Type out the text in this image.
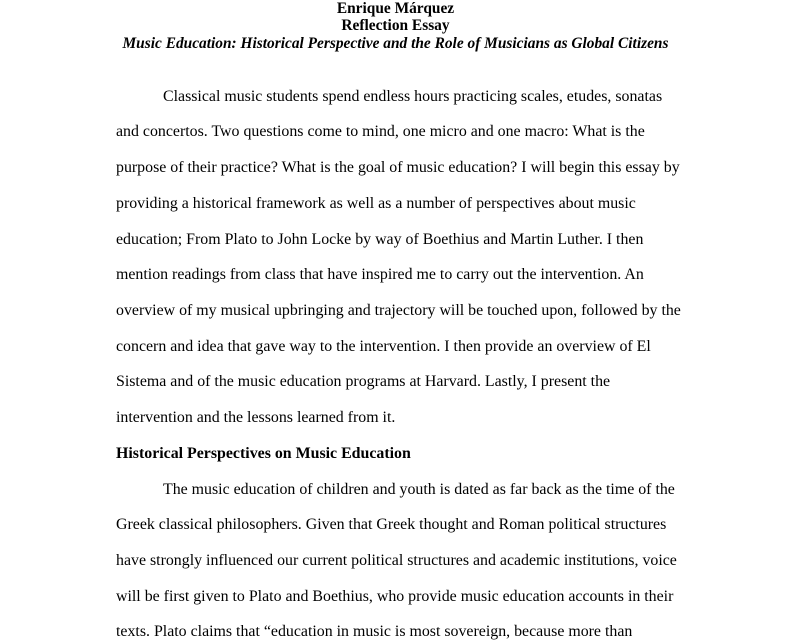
Enrique Márquez
Reflection Essay
Music Education: Historical Perspective and the Role of Musicians as Global Citizens
Classical music students spend endless hours practicing scales, etudes, sonatas
and concertos. Two questions come to mind, one micro and one macro: What is the
purpose of their practice? What is the goal of music education? I will begin this essay by
providing a historical framework as well as a number of perspectives about music
education; From Plato to John Locke by way of Boethius and Martin Luther. I then
mention readings from class that have inspired me to carry out the intervention. An
overview of my musical upbringing and trajectory will be touched upon, followed by the
concern and idea that gave way to the intervention. I then provide an overview of El
Sistema and of the music education programs at Harvard. Lastly, I present the
intervention and the lessons learned from it.
Historical Perspectives on Music Education
The music education of children and youth is dated as far back as the time of the
Greek classical philosophers. Given that Greek thought and Roman political structures
have strongly influenced our current political structures and academic institutions, voice
will be first given to Plato and Boethius, who provide music education accounts in their
texts. Plato claims that “education in music is most sovereign, because more than
